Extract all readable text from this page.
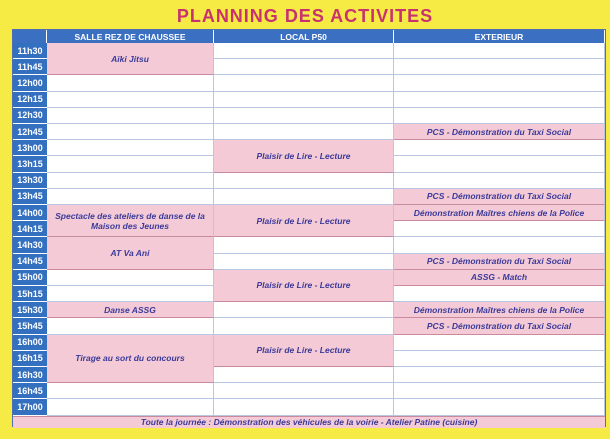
PLANNING DES ACTIVITES
SALLE REZ DE CHAUSSEE	LOCAL P50	EXTERIEUR
11h30
11h45
12h00
12h15
12h30
12h45
13h00
13h15
13h30
13h45
14h00
14h15
14h30
14h45
15h00
15h15
15h30
15h45
16h00
16h15
16h30
16h45
17h00
Aïki Jitsu
Spectacle des ateliers de danse de la Maison des Jeunes
AT Va Ani
Danse ASSG
Tirage au sort du concours
Plaisir de Lire - Lecture
Plaisir de Lire - Lecture
Plaisir de Lire - Lecture
Plaisir de Lire - Lecture
PCS - Démonstration du Taxi Social
PCS - Démonstration du Taxi Social
Démonstration Maîtres chiens de la Police
PCS - Démonstration du Taxi Social
ASSG - Match
Démonstration Maîtres chiens de la Police
PCS - Démonstration du Taxi Social
Toute la journée : Démonstration des véhicules de la voirie - Atelier Patine (cuisine)
